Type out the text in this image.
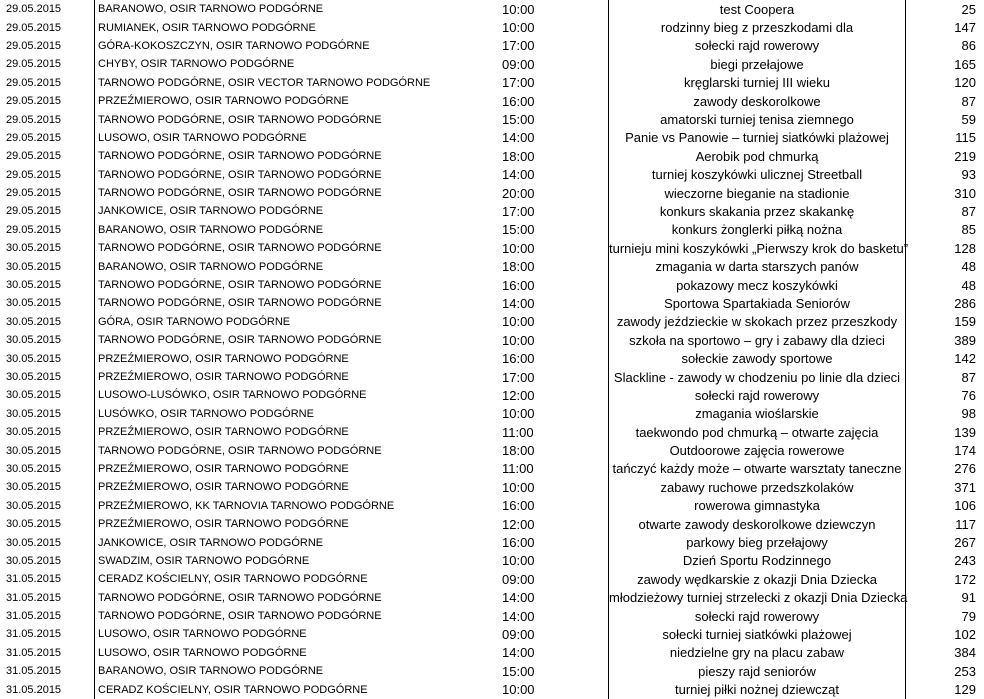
29.05.2015	BARANOWO, OSIR TARNOWO PODGÓRNE	10:00	test Coopera	25
29.05.2015	RUMIANEK, OSIR TARNOWO PODGÓRNE	10:00	rodzinny bieg z przeszkodami dla	147
29.05.2015	GÓRA-KOKOSZCZYN, OSIR TARNOWO PODGÓRNE	17:00	sołecki rajd rowerowy	86
29.05.2015	CHYBY, OSIR TARNOWO PODGÓRNE	09:00	biegi przełajowe	165
29.05.2015	TARNOWO PODGÓRNE, OSIR VECTOR TARNOWO PODGÓRNE	17:00	kręglarski turniej III wieku	120
29.05.2015	PRZEŹMIEROWO, OSIR TARNOWO PODGÓRNE	16:00	zawody deskorolkowe	87
29.05.2015	TARNOWO PODGÓRNE, OSIR TARNOWO PODGÓRNE	15:00	amatorski turniej tenisa ziemnego	59
29.05.2015	LUSOWO, OSIR TARNOWO PODGÓRNE	14:00	Panie vs Panowie – turniej siatkówki plażowej	115
29.05.2015	TARNOWO PODGÓRNE, OSIR TARNOWO PODGÓRNE	18:00	Aerobik pod chmurką	219
29.05.2015	TARNOWO PODGÓRNE, OSIR TARNOWO PODGÓRNE	14:00	turniej koszykówki ulicznej Streetball	93
29.05.2015	TARNOWO PODGÓRNE, OSIR TARNOWO PODGÓRNE	20:00	wieczorne bieganie na stadionie	310
29.05.2015	JANKOWICE, OSIR TARNOWO PODGÓRNE	17:00	konkurs skakania przez skakankę	87
29.05.2015	BARANOWO, OSIR TARNOWO PODGÓRNE	15:00	konkurs żonglerki piłką nożna	85
30.05.2015	TARNOWO PODGÓRNE, OSIR TARNOWO PODGÓRNE	10:00	turnieju mini koszykówki „Pierwszy krok do basketu”	128
30.05.2015	BARANOWO, OSIR TARNOWO PODGÓRNE	18:00	zmagania w darta starszych panów	48
30.05.2015	TARNOWO PODGÓRNE, OSIR TARNOWO PODGÓRNE	16:00	pokazowy mecz koszykówki	48
30.05.2015	TARNOWO PODGÓRNE, OSIR TARNOWO PODGÓRNE	14:00	Sportowa Spartakiada Seniorów	286
30.05.2015	GÓRA, OSIR TARNOWO PODGÓRNE	10:00	zawody jeździeckie w skokach przez przeszkody	159
30.05.2015	TARNOWO PODGÓRNE, OSIR TARNOWO PODGÓRNE	10:00	szkoła na sportowo – gry i zabawy dla dzieci	389
30.05.2015	PRZEŹMIEROWO, OSIR TARNOWO PODGÓRNE	16:00	sołeckie zawody sportowe	142
30.05.2015	PRZEŹMIEROWO, OSIR TARNOWO PODGÓRNE	17:00	Slackline - zawody w chodzeniu po linie dla dzieci	87
30.05.2015	LUSOWO-LUSÓWKO, OSIR TARNOWO PODGÓRNE	12:00	sołecki rajd rowerowy	76
30.05.2015	LUSÓWKO, OSIR TARNOWO PODGÓRNE	10:00	zmagania wioślarskie	98
30.05.2015	PRZEŹMIEROWO, OSIR TARNOWO PODGÓRNE	11:00	taekwondo pod chmurką – otwarte zajęcia	139
30.05.2015	TARNOWO PODGÓRNE, OSIR TARNOWO PODGÓRNE	18:00	Outdoorowe zajęcia rowerowe	174
30.05.2015	PRZEŹMIEROWO, OSIR TARNOWO PODGÓRNE	11:00	tańczyć każdy może – otwarte warsztaty taneczne	276
30.05.2015	PRZEŹMIEROWO, OSIR TARNOWO PODGÓRNE	10:00	zabawy ruchowe przedszkolaków	371
30.05.2015	PRZEŹMIEROWO, KK TARNOVIA TARNOWO PODGÓRNE	16:00	rowerowa gimnastyka	106
30.05.2015	PRZEŹMIEROWO, OSIR TARNOWO PODGÓRNE	12:00	otwarte zawody deskorolkowe dziewczyn	117
30.05.2015	JANKOWICE, OSIR TARNOWO PODGÓRNE	16:00	parkowy bieg przełajowy	267
30.05.2015	SWADZIM, OSIR TARNOWO PODGÓRNE	10:00	Dzień Sportu Rodzinnego	243
31.05.2015	CERADZ KOŚCIELNY, OSIR TARNOWO PODGÓRNE	09:00	zawody wędkarskie z okazji Dnia Dziecka	172
31.05.2015	TARNOWO PODGÓRNE, OSIR TARNOWO PODGÓRNE	14:00	młodzieżowy turniej strzelecki z okazji Dnia Dziecka	91
31.05.2015	TARNOWO PODGÓRNE, OSIR TARNOWO PODGÓRNE	14:00	sołecki rajd rowerowy	79
31.05.2015	LUSOWO, OSIR TARNOWO PODGÓRNE	09:00	sołecki turniej siatkówki plażowej	102
31.05.2015	LUSOWO, OSIR TARNOWO PODGÓRNE	14:00	niedzielne gry na placu zabaw	384
31.05.2015	BARANOWO, OSIR TARNOWO PODGÓRNE	15:00	pieszy rajd seniorów	253
31.05.2015	CERADZ KOŚCIELNY, OSIR TARNOWO PODGÓRNE	10:00	turniej piłki nożnej dziewcząt	129
